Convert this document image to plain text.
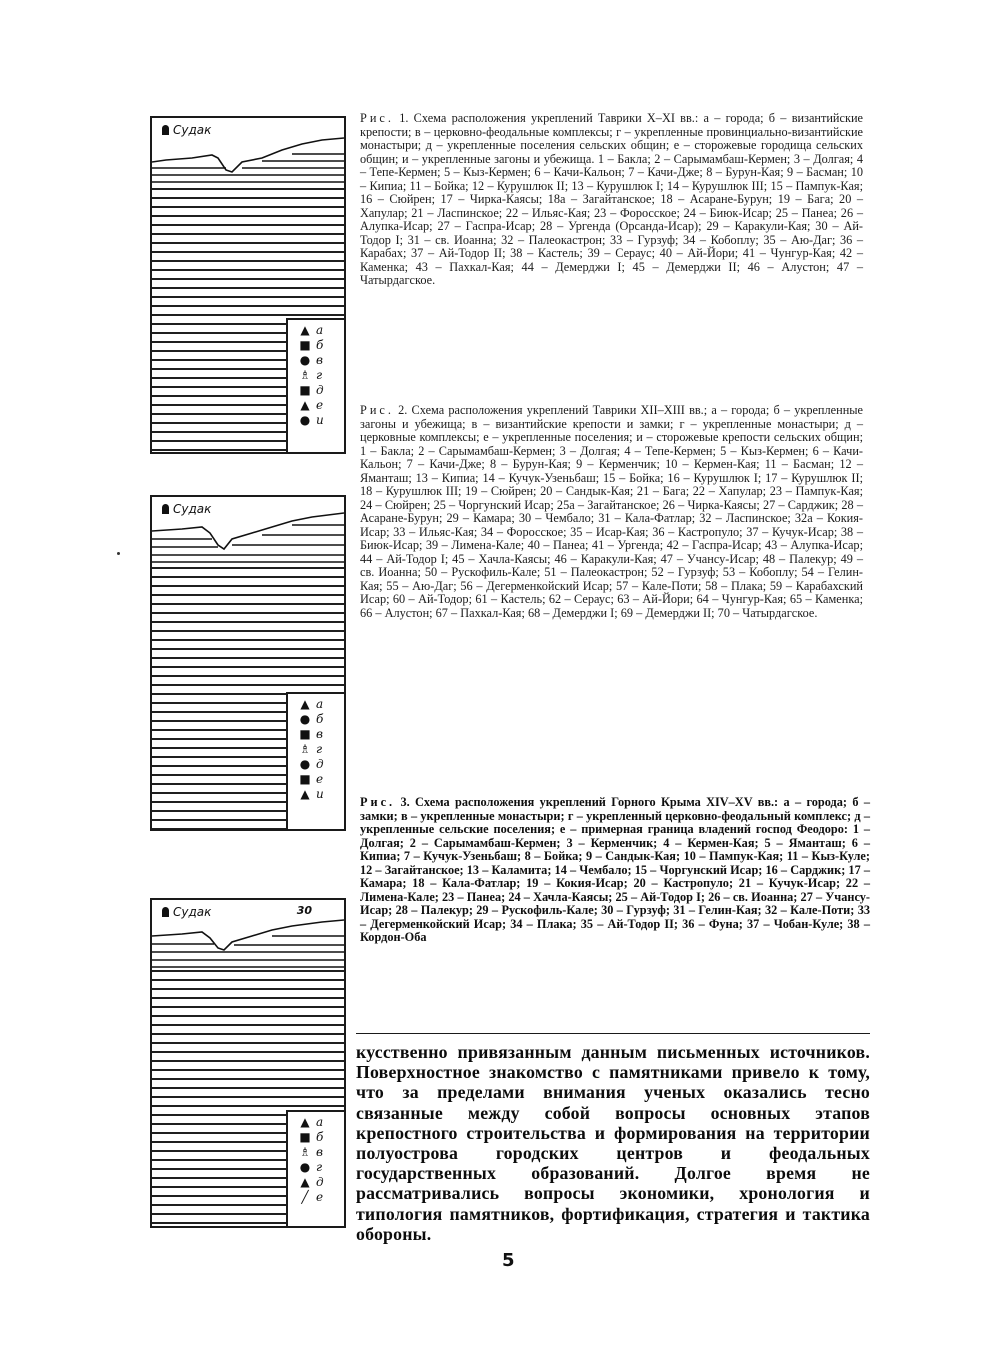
Судак
▲ а
■ б
● в
♗ г
■ д
▲ е
● и
Судак
▲ а
● б
■ в
♗ г
● д
■ е
▲ и
Судак	30
▲ а
■ б
♗ в
● г
▲ д
╱ е

Рис. 1. Схема расположения укреплений Таврики X–XI вв.: а – города; б – византийские крепости; в – церковно-феодальные комплексы; г – укрепленные провинциально-византийские монастыри; д – укрепленные поселения сельских общин; е – сторожевые городища сельских общин; и – укрепленные загоны и убежища. 1 – Бакла; 2 – Сарымамбаш-Кермен; 3 – Долгая; 4 – Тепе-Кермен; 5 – Кыз-Кермен; 6 – Качи-Кальон; 7 – Качи-Дже; 8 – Бурун-Кая; 9 – Басман; 10 – Кипиа; 11 – Бойка; 12 – Курушлюк II; 13 – Курушлюк I; 14 – Курушлюк III; 15 – Пампук-Кая; 16 – Сюйрен; 17 – Чирка-Каясы; 18а – Загайтанское; 18 – Асаране-Бурун; 19 – Бага; 20 – Хапулар; 21 – Ласпинское; 22 – Ильяс-Кая; 23 – Форосское; 24 – Биюк-Исар; 25 – Панеа; 26 – Алупка-Исар; 27 – Гаспра-Исар; 28 – Ургенда (Орсанда-Исар); 29 – Каракули-Кая; 30 – Ай-Тодор I; 31 – св. Иоанна; 32 – Палеокастрон; 33 – Гурзуф; 34 – Кобоплу; 35 – Аю-Даг; 36 – Карабах; 37 – Ай-Тодор II; 38 – Кастель; 39 – Сераус; 40 – Ай-Йори; 41 – Чунгур-Кая; 42 – Каменка; 43 – Пахкал-Кая; 44 – Демерджи I; 45 – Демерджи II; 46 – Алустон; 47 – Чатырдагское.

Рис. 2. Схема расположения укреплений Таврики XII–XIII вв.; а – города; б – укрепленные загоны и убежища; в – византийские крепости и замки; г – укрепленные монастыри; д – церковные комплексы; е – укрепленные поселения; и – сторожевые крепости сельских общин; 1 – Бакла; 2 – Сарымамбаш-Кермен; 3 – Долгая; 4 – Тепе-Кермен; 5 – Кыз-Кермен; 6 – Качи-Кальон; 7 – Качи-Дже; 8 – Бурун-Кая; 9 – Керменчик; 10 – Кермен-Кая; 11 – Басман; 12 – Яманташ; 13 – Кипиа; 14 – Кучук-Узеньбаш; 15 – Бойка; 16 – Курушлюк I; 17 – Курушлюк II; 18 – Курушлюк III; 19 – Сюйрен; 20 – Сандык-Кая; 21 – Бага; 22 – Хапулар; 23 – Пампук-Кая; 24 – Сюйрен; 25 – Чоргунский Исар; 25а – Загайтанское; 26 – Чирка-Каясы; 27 – Сарджик; 28 – Асаране-Бурун; 29 – Камара; 30 – Чембало; 31 – Кала-Фатлар; 32 – Ласпинское; 32а – Кокия-Исар; 33 – Ильяс-Кая; 34 – Форосское; 35 – Исар-Кая; 36 – Кастропуло; 37 – Кучук-Исар; 38 – Биюк-Исар; 39 – Лимена-Кале; 40 – Панеа; 41 – Ургенда; 42 – Гаспра-Исар; 43 – Алупка-Исар; 44 – Ай-Тодор I; 45 – Хачла-Каясы; 46 – Каракули-Кая; 47 – Учансу-Исар; 48 – Палекур; 49 – св. Иоанна; 50 – Рускофиль-Кале; 51 – Палеокастрон; 52 – Гурзуф; 53 – Кобоплу; 54 – Гелин-Кая; 55 – Аю-Даг; 56 – Дегерменкойский Исар; 57 – Кале-Поти; 58 – Плака; 59 – Карабахский Исар; 60 – Ай-Тодор; 61 – Кастель; 62 – Сераус; 63 – Ай-Йори; 64 – Чунгур-Кая; 65 – Каменка; 66 – Алустон; 67 – Пахкал-Кая; 68 – Демерджи I; 69 – Демерджи II; 70 – Чатырдагское.

Рис. 3. Схема расположения укреплений Горного Крыма XIV–XV вв.: а – города; б – замки; в – укрепленные монастыри; г – укрепленный церковно-феодальный комплекс; д – укрепленные сельские поселения; е – примерная граница владений господ Феодоро: 1 – Долгая; 2 – Сарымамбаш-Кермен; 3 – Керменчик; 4 – Кермен-Кая; 5 – Яманташ; 6 – Кипиа; 7 – Кучук-Узеньбаш; 8 – Бойка; 9 – Сандык-Кая; 10 – Пампук-Кая; 11 – Кыз-Куле; 12 – Загайтанское; 13 – Каламита; 14 – Чембало; 15 – Чоргунский Исар; 16 – Сарджик; 17 – Камара; 18 – Кала-Фатлар; 19 – Кокия-Исар; 20 – Кастропуло; 21 – Кучук-Исар; 22 – Лимена-Кале; 23 – Панеа; 24 – Хачла-Каясы; 25 – Ай-Тодор I; 26 – св. Иоанна; 27 – Учансу-Исар; 28 – Палекур; 29 – Рускофиль-Кале; 30 – Гурзуф; 31 – Гелин-Кая; 32 – Кале-Поти; 33 – Дегерменкойский Исар; 34 – Плака; 35 – Ай-Тодор II; 36 – Фуна; 37 – Чобан-Куле; 38 – Кордон-Оба

кусственно привязанным данным письменных источников. Поверхностное знакомство с памятниками привело к тому, что за пределами внимания ученых оказались тесно связанные между собой вопросы основных этапов крепостного строительства и формирования на территории полуострова городских центров и феодальных государственных образований. Долгое время не рассматривались вопросы экономики, хронология и типология памятников, фортификация, стратегия и тактика обороны.

5
